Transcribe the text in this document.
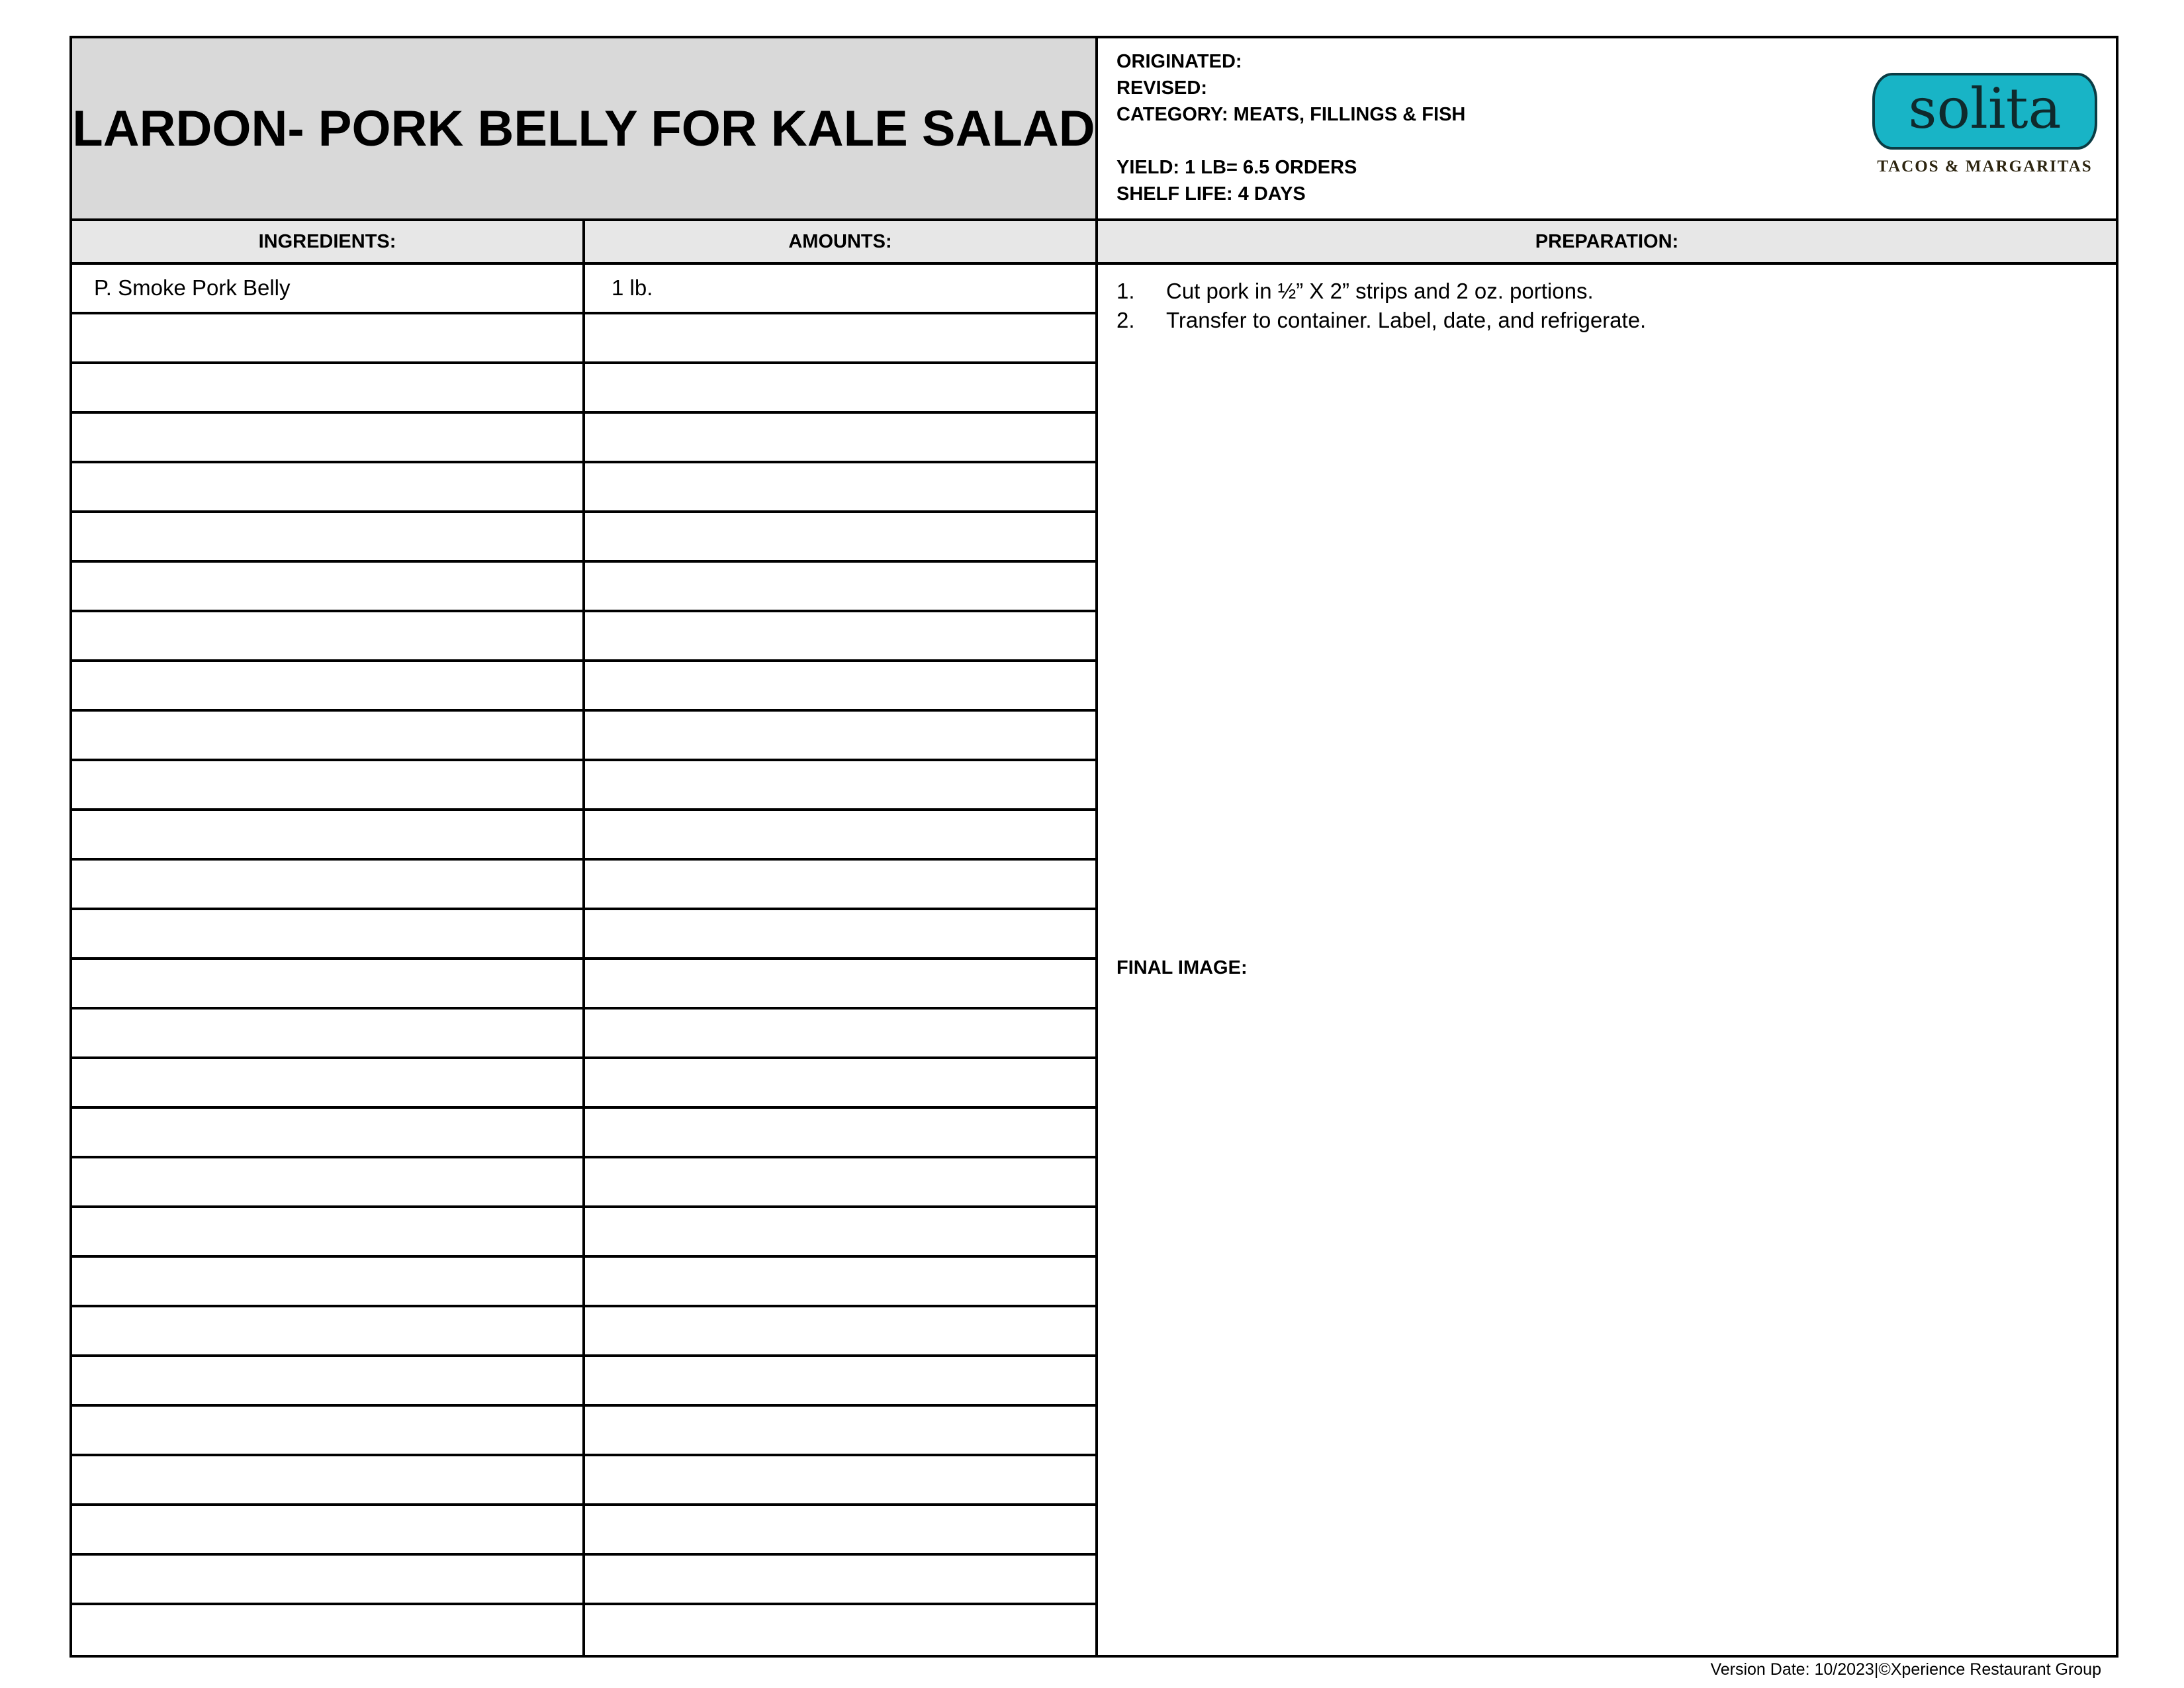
LARDON- PORK BELLY FOR KALE SALAD
ORIGINATED:
REVISED:
CATEGORY: MEATS, FILLINGS & FISH
YIELD: 1 LB= 6.5 ORDERS
SHELF LIFE: 4 DAYS
solita
TACOS & MARGARITAS
INGREDIENTS:	AMOUNTS:	PREPARATION:
P. Smoke Pork Belly	1 lb.	1. Cut pork in ½” X 2” strips and 2 oz. portions.
2. Transfer to container. Label, date, and refrigerate.
FINAL IMAGE:
Version Date: 10/2023|©Xperience Restaurant Group
